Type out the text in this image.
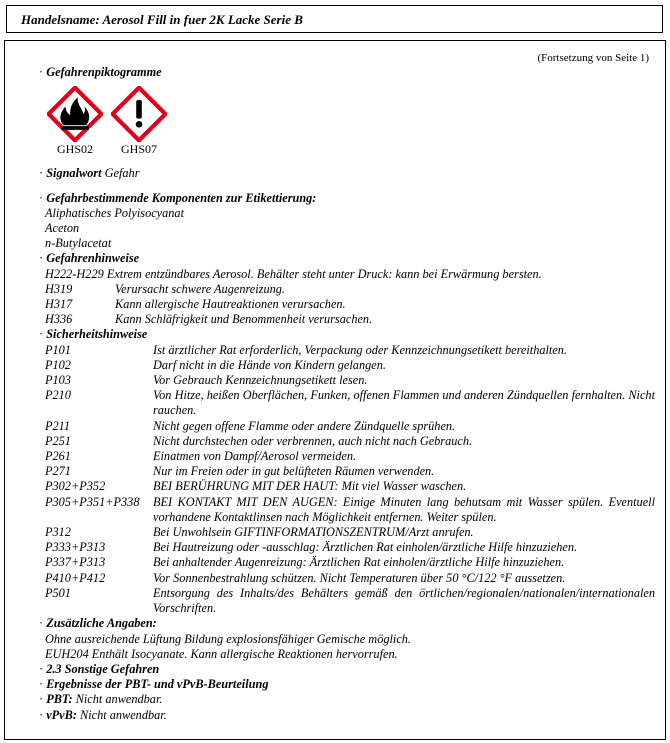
Handelsname: Aerosol Fill in fuer 2K Lacke Serie B
(Fortsetzung von Seite 1)
· Gefahrenpiktogramme
GHS02	GHS07
· Signalwort Gefahr
· Gefahrbestimmende Komponenten zur Etikettierung:
Aliphatisches Polyisocyanat
Aceton
n-Butylacetat
· Gefahrenhinweise
H222-H229 Extrem entzündbares Aerosol. Behälter steht unter Druck: kann bei Erwärmung bersten.
H319	Verursacht schwere Augenreizung.
H317	Kann allergische Hautreaktionen verursachen.
H336	Kann Schläfrigkeit und Benommenheit verursachen.
· Sicherheitshinweise
P101	Ist ärztlicher Rat erforderlich, Verpackung oder Kennzeichnungsetikett bereithalten.
P102	Darf nicht in die Hände von Kindern gelangen.
P103	Vor Gebrauch Kennzeichnungsetikett lesen.
P210	Von Hitze, heißen Oberflächen, Funken, offenen Flammen und anderen Zündquellen fernhalten. Nicht rauchen.
P211	Nicht gegen offene Flamme oder andere Zündquelle sprühen.
P251	Nicht durchstechen oder verbrennen, auch nicht nach Gebrauch.
P261	Einatmen von Dampf/Aerosol vermeiden.
P271	Nur im Freien oder in gut belüfteten Räumen verwenden.
P302+P352	BEI BERÜHRUNG MIT DER HAUT: Mit viel Wasser waschen.
P305+P351+P338	BEI KONTAKT MIT DEN AUGEN: Einige Minuten lang behutsam mit Wasser spülen. Eventuell vorhandene Kontaktlinsen nach Möglichkeit entfernen. Weiter spülen.
P312	Bei Unwohlsein GIFTINFORMATIONSZENTRUM/Arzt anrufen.
P333+P313	Bei Hautreizung oder -ausschlag: Ärztlichen Rat einholen/ärztliche Hilfe hinzuziehen.
P337+P313	Bei anhaltender Augenreizung: Ärztlichen Rat einholen/ärztliche Hilfe hinzuziehen.
P410+P412	Vor Sonnenbestrahlung schützen. Nicht Temperaturen über 50 °C/122 °F aussetzen.
P501	Entsorgung des Inhalts/des Behälters gemäß den örtlichen/regionalen/nationalen/internationalen Vorschriften.
· Zusätzliche Angaben:
Ohne ausreichende Lüftung Bildung explosionsfähiger Gemische möglich.
EUH204 Enthält Isocyanate. Kann allergische Reaktionen hervorrufen.
· 2.3 Sonstige Gefahren
· Ergebnisse der PBT- und vPvB-Beurteilung
· PBT: Nicht anwendbar.
· vPvB: Nicht anwendbar.
